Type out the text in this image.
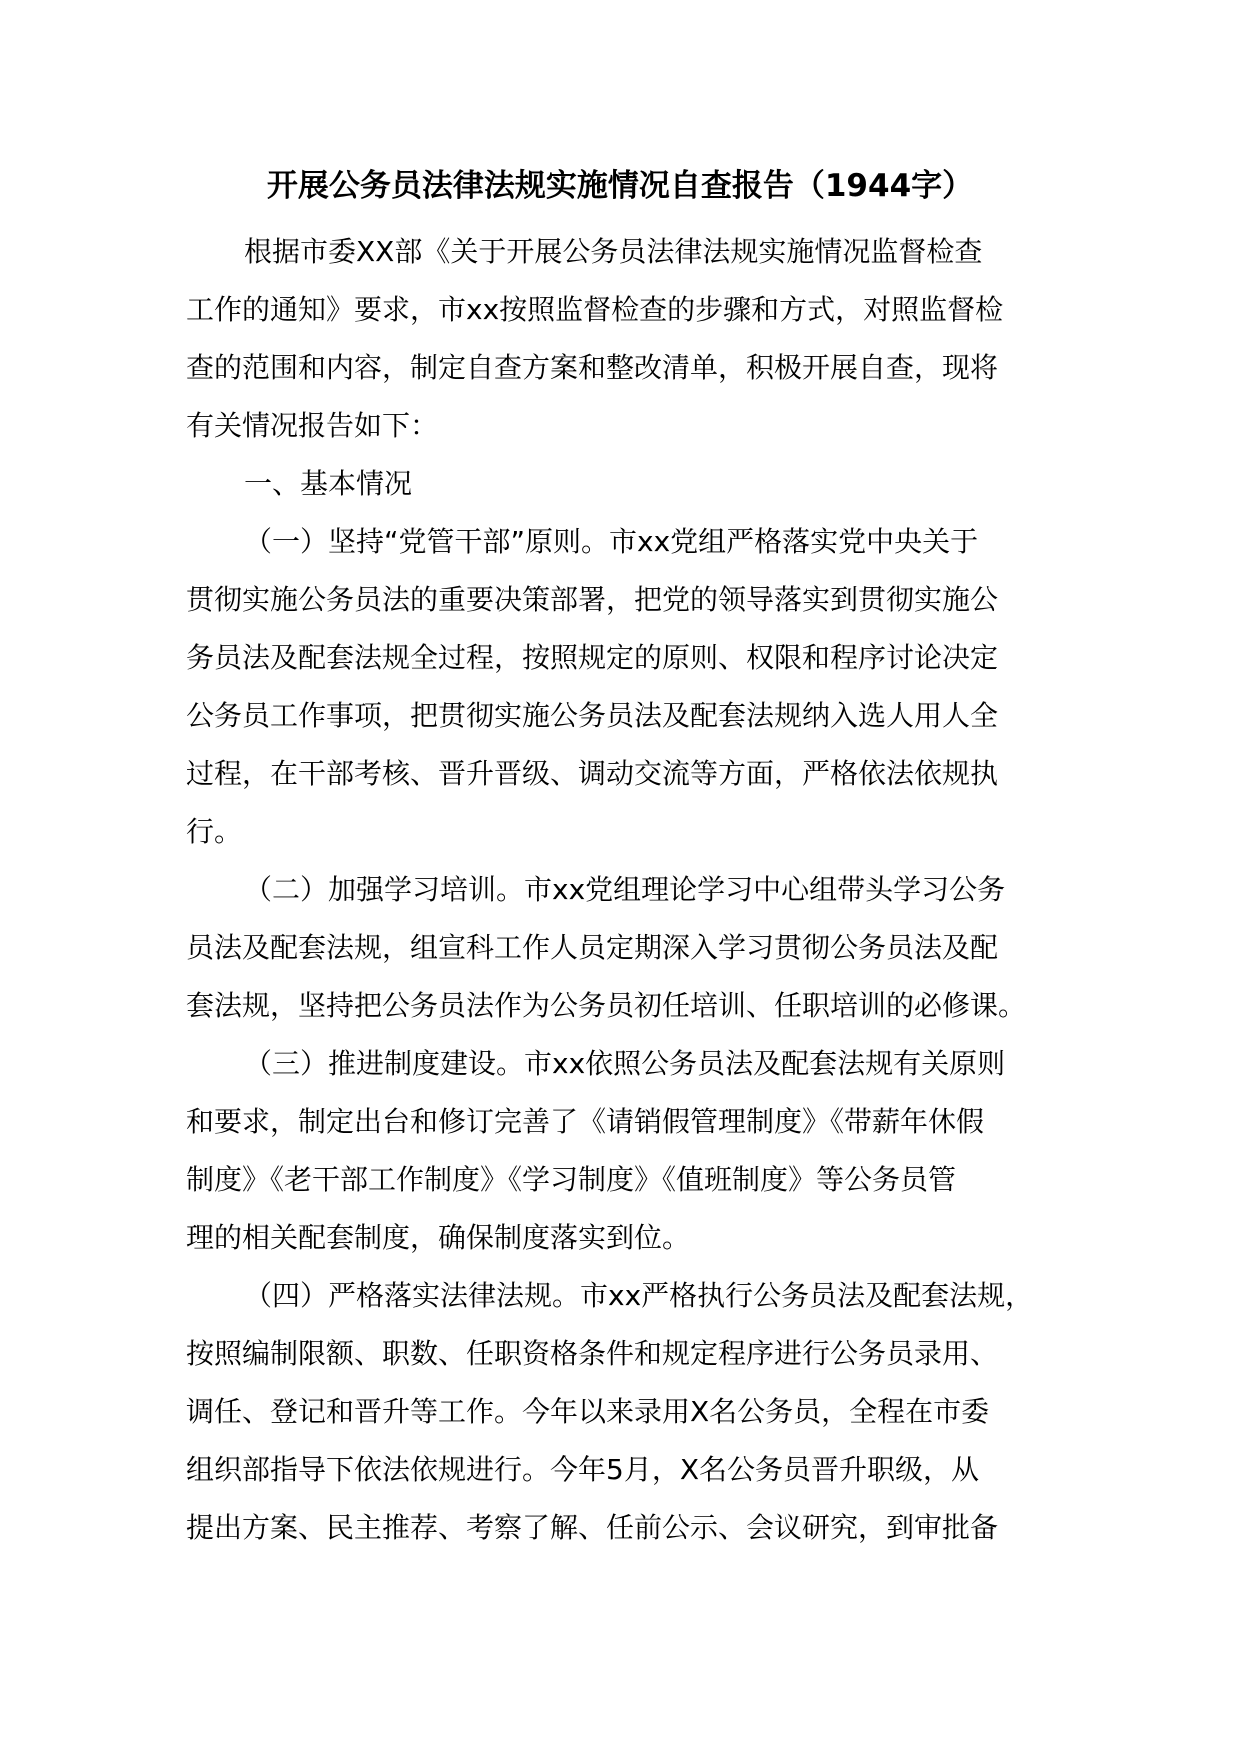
开展公务员法律法规实施情况自查报告（1944字）

根据市委XX部《关于开展公务员法律法规实施情况监督检查

工作的通知》要求，市xx按照监督检查的步骤和方式，对照监督检

查的范围和内容，制定自查方案和整改清单，积极开展自查，现将

有关情况报告如下：

一、基本情况

（一）坚持“党管干部”原则。市xx党组严格落实党中央关于

贯彻实施公务员法的重要决策部署，把党的领导落实到贯彻实施公

务员法及配套法规全过程，按照规定的原则、权限和程序讨论决定

公务员工作事项，把贯彻实施公务员法及配套法规纳入选人用人全

过程，在干部考核、晋升晋级、调动交流等方面，严格依法依规执

行。

（二）加强学习培训。市xx党组理论学习中心组带头学习公务

员法及配套法规，组宣科工作人员定期深入学习贯彻公务员法及配

套法规，坚持把公务员法作为公务员初任培训、任职培训的必修课。

（三）推进制度建设。市xx依照公务员法及配套法规有关原则

和要求，制定出台和修订完善了《请销假管理制度》《带薪年休假

制度》《老干部工作制度》《学习制度》《值班制度》等公务员管

理的相关配套制度，确保制度落实到位。

（四）严格落实法律法规。市xx严格执行公务员法及配套法规，

按照编制限额、职数、任职资格条件和规定程序进行公务员录用、

调任、登记和晋升等工作。今年以来录用X名公务员，全程在市委

组织部指导下依法依规进行。今年5月，X名公务员晋升职级，从

提出方案、民主推荐、考察了解、任前公示、会议研究，到审批备
